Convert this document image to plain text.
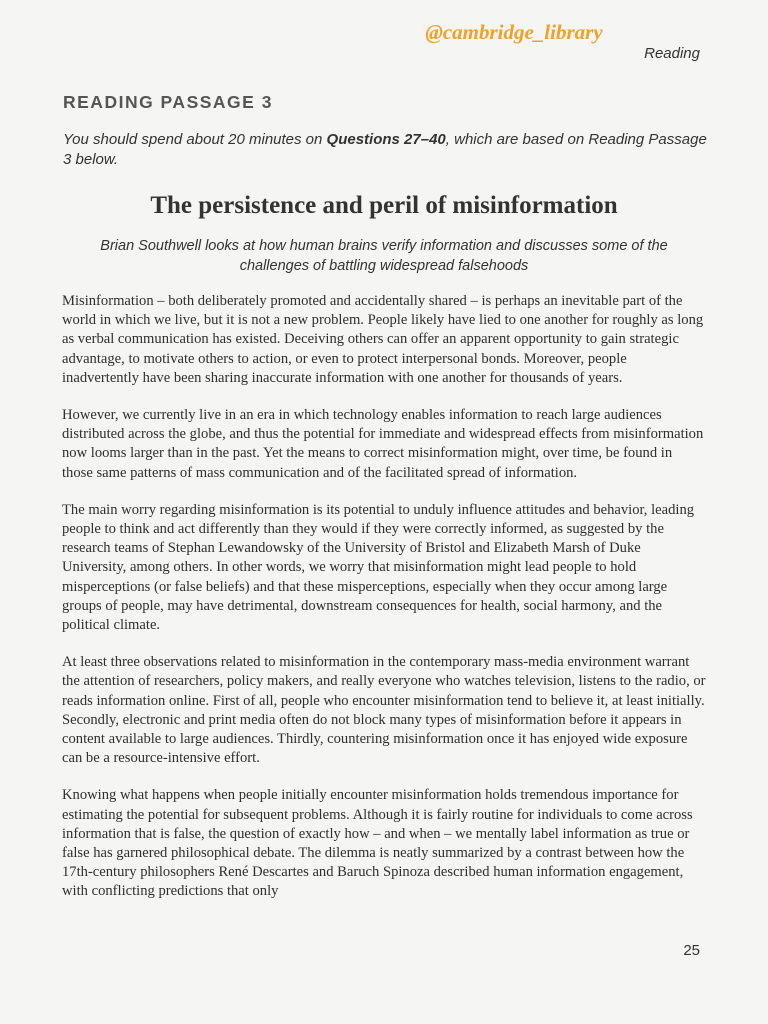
@cambridge_library
Reading
READING PASSAGE 3
You should spend about 20 minutes on Questions 27–40, which are based on Reading Passage 3 below.
The persistence and peril of misinformation
Brian Southwell looks at how human brains verify information and discusses some of the challenges of battling widespread falsehoods

Misinformation – both deliberately promoted and accidentally shared – is perhaps an inevitable part of the world in which we live, but it is not a new problem. People likely have lied to one another for roughly as long as verbal communication has existed. Deceiving others can offer an apparent opportunity to gain strategic advantage, to motivate others to action, or even to protect interpersonal bonds. Moreover, people inadvertently have been sharing inaccurate information with one another for thousands of years.

However, we currently live in an era in which technology enables information to reach large audiences distributed across the globe, and thus the potential for immediate and widespread effects from misinformation now looms larger than in the past. Yet the means to correct misinformation might, over time, be found in those same patterns of mass communication and of the facilitated spread of information.

The main worry regarding misinformation is its potential to unduly influence attitudes and behavior, leading people to think and act differently than they would if they were correctly informed, as suggested by the research teams of Stephan Lewandowsky of the University of Bristol and Elizabeth Marsh of Duke University, among others. In other words, we worry that misinformation might lead people to hold misperceptions (or false beliefs) and that these misperceptions, especially when they occur among large groups of people, may have detrimental, downstream consequences for health, social harmony, and the political climate.

At least three observations related to misinformation in the contemporary mass-media environment warrant the attention of researchers, policy makers, and really everyone who watches television, listens to the radio, or reads information online. First of all, people who encounter misinformation tend to believe it, at least initially. Secondly, electronic and print media often do not block many types of misinformation before it appears in content available to large audiences. Thirdly, countering misinformation once it has enjoyed wide exposure can be a resource-intensive effort.

Knowing what happens when people initially encounter misinformation holds tremendous importance for estimating the potential for subsequent problems. Although it is fairly routine for individuals to come across information that is false, the question of exactly how – and when – we mentally label information as true or false has garnered philosophical debate. The dilemma is neatly summarized by a contrast between how the 17th-century philosophers René Descartes and Baruch Spinoza described human information engagement, with conflicting predictions that only

25
